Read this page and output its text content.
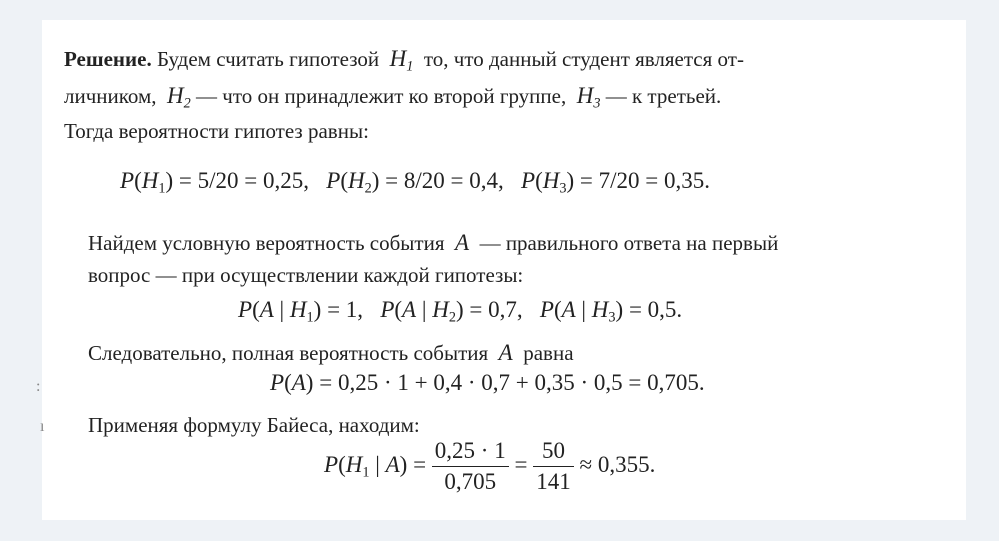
Решение. Будем считать гипотезой $H_1$ то, что данный студент является от-
личником, $H_2$ — что он принадлежит ко второй группе, $H_3$ — к третьей.
Тогда вероятности гипотез равны:
$P(H_1) = 5/20 = 0,25$, $P(H_2) = 8/20 = 0,4$, $P(H_3) = 7/20 = 0,35$.
Найдем условную вероятность события A — правильного ответа на первый
вопрос — при осуществлении каждой гипотезы:
P(A | $H_1) = 1$, P(A | $H_2) = 0,7$, P(A | $H_3) = 0,5$.
Следовательно, полная вероятность события A равна
P(A) = 0,25 · 1 + 0,4 · 0,7 + 0,35 · 0,5 = 0,705.
Применяя формулу Байеса, находим:
$P(H_1$ | $A) = \frac{0,25 \cdot 1}{0,705} = \frac{50}{141} \approx 0,355$.
:
ı
